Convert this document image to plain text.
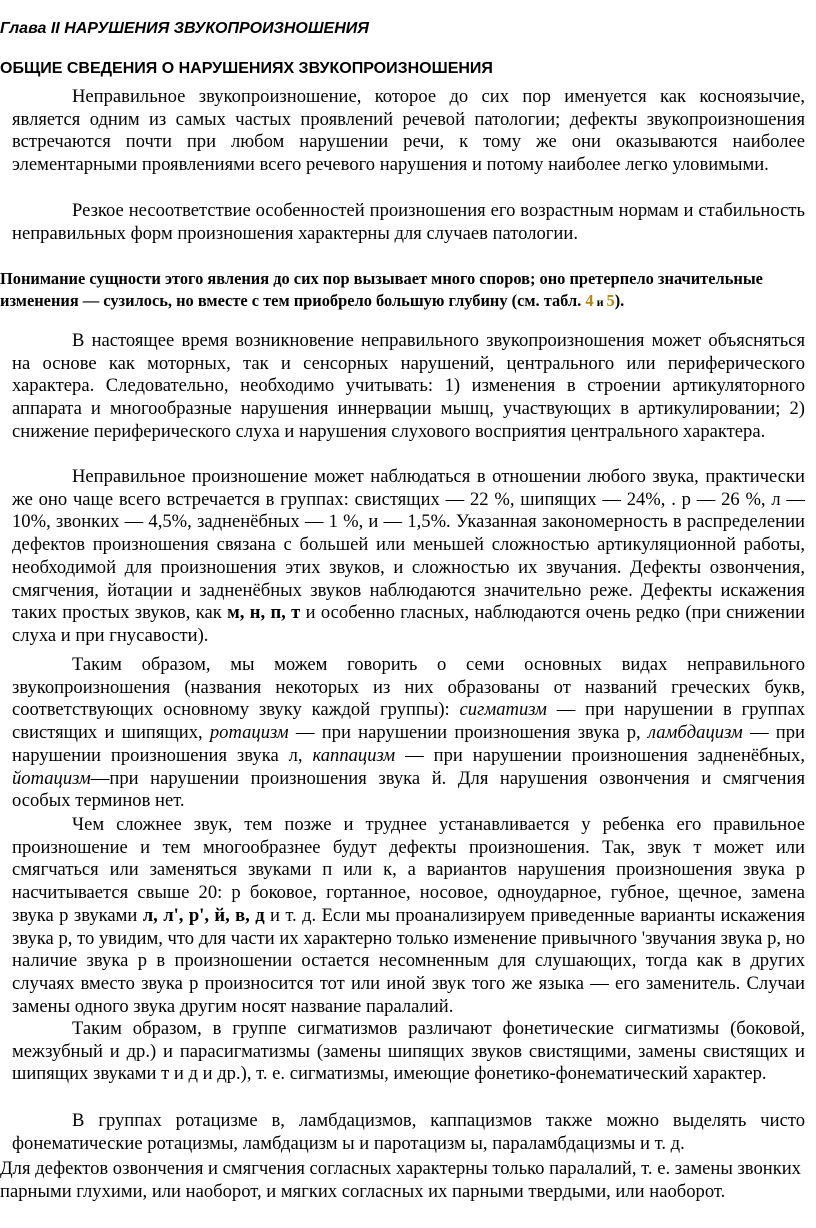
Глава II НАРУШЕНИЯ ЗВУКОПРОИЗНОШЕНИЯ

ОБЩИЕ СВЕДЕНИЯ О НАРУШЕНИЯХ ЗВУКОПРОИЗНОШЕНИЯ

Неправильное звукопроизношение, которое до сих пор именуется как косноязычие, является одним из самых частых проявлений речевой патологии; дефекты звукопроизношения встречаются почти при любом нарушении речи, к тому же они оказываются наиболее элементарными проявлениями всего речевого нарушения и потому наиболее легко уловимыми.

Резкое несоответствие особенностей произношения его возрастным нормам и стабильность неправильных форм произношения характерны для случаев патологии.

Понимание сущности этого явления до сих пор вызывает много споров; оно претерпело значительные изменения — сузилось, но вместе с тем приобрело большую глубину (см. табл. 4 и 5).

В настоящее время возникновение неправильного звукопроизношения может объясняться на основе как моторных, так и сенсорных нарушений, центрального или периферического характера. Следовательно, необходимо учитывать: 1) изменения в строении артикуляторного аппарата и многообразные нарушения иннервации мышц, участвующих в артикулировании; 2) снижение периферического слуха и нарушения слухового восприятия центрального характера.

Неправильное произношение может наблюдаться в отношении любого звука, практически же оно чаще всего встречается в группах: свистящих — 22 %, шипящих — 24%, . р — 26 %, л — 10%, звонких — 4,5%, задненёбных — 1 %, и — 1,5%. Указанная закономерность в распределении дефектов произношения связана с большей или меньшей сложностью артикуляционной работы, необходимой для произношения этих звуков, и сложностью их звучания. Дефекты озвончения, смягчения, йотации и задненёбных звуков наблюдаются значительно реже. Дефекты искажения таких простых звуков, как м, н, п, т и особенно гласных, наблюдаются очень редко (при снижении слуха и при гнусавости).

Таким образом, мы можем говорить о семи основных видах неправильного звукопроизношения (названия некоторых из них образованы от названий греческих букв, соответствующих основному звуку каждой группы): сигматизм — при нарушении в группах свистящих и шипящих, ротацизм — при нарушении произношения звука р, ламбдацизм — при нарушении произношения звука л, каппацизм — при нарушении произношения задненёбных, йотацизм—при нарушении произношения звука й. Для нарушения озвончения и смягчения особых терминов нет.

Чем сложнее звук, тем позже и труднее устанавливается у ребенка его правильное произношение и тем многообразнее будут дефекты произношения. Так, звук т может или смягчаться или заменяться звуками п или к, а вариантов нарушения произношения звука р насчитывается свыше 20: р боковое, гортанное, носовое, одноударное, губное, щечное, замена звука р звуками л, л', р', й, в, д и т. д. Если мы проанализируем приведенные варианты искажения звука р, то увидим, что для части их характерно только изменение привычного 'звучания звука р, но наличие звука р в произношении остается несомненным для слушающих, тогда как в других случаях вместо звука р произносится тот или иной звук того же языка — его заменитель. Случаи замены одного звука другим носят название паралалий.

Таким образом, в группе сигматизмов различают фонетические сигматизмы (боковой, межзубный и др.) и парасигматизмы (замены шипящих звуков свистящими, замены свистящих и шипящих звуками т и д и др.), т. е. сигматизмы, имеющие фонетико-фонематический характер.

В группах ротацизме в, ламбдацизмов, каппацизмов также можно выделять чисто фонематические ротацизмы, ламбдацизм ы и паротацизм ы, параламбдацизмы и т. д.

Для дефектов озвончения и смягчения согласных характерны только паралалий, т. е. замены звонких парными глухими, или наоборот, и мягких согласных их парными твердыми, или наоборот.
